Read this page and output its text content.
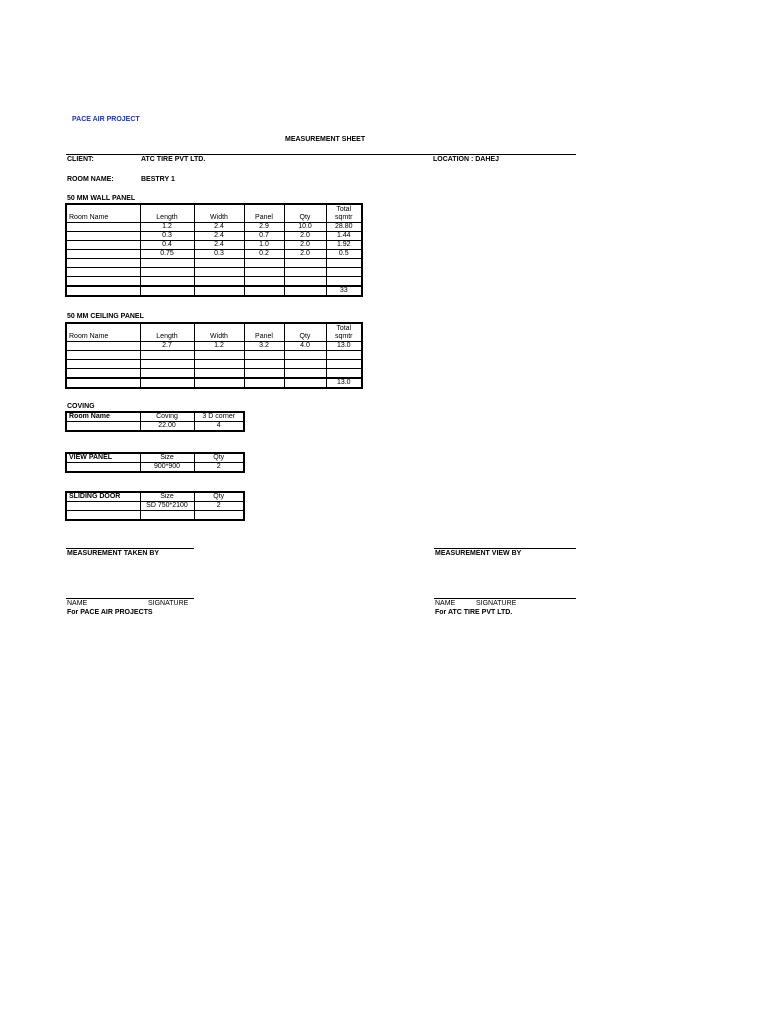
PACE AIR PROJECT
MEASUREMENT SHEET
CLIENT:	ATC TIRE PVT LTD.	LOCATION : DAHEJ
ROOM NAME:	BESTRY 1
50 MM WALL PANEL
Room Name	Length	Width	Panel	Qty	Total sqmtr
	1.2	2.4	2.9	10.0	28.80
	0.3	2.4	0.7	2.0	1.44
	0.4	2.4	1.0	2.0	1.92
	0.75	0.3	0.2	2.0	0.5

					33
50 MM CEILING PANEL
Room Name	Length	Width	Panel	Qty	Total sqmtr
	2.7	1.2	3.2	4.0	13.0

					13.0
COVING
Room Name	Coving	3 D corner
	22.00	4
VIEW PANEL	Size	Qty
	900*900	2
SLIDING DOOR	Size	Qty
	SD 750*2100	2

MEASUREMENT TAKEN BY
NAME	SIGNATURE
For PACE AIR PROJECTS
MEASUREMENT VIEW BY
NAME	SIGNATURE
For ATC TIRE PVT LTD.
